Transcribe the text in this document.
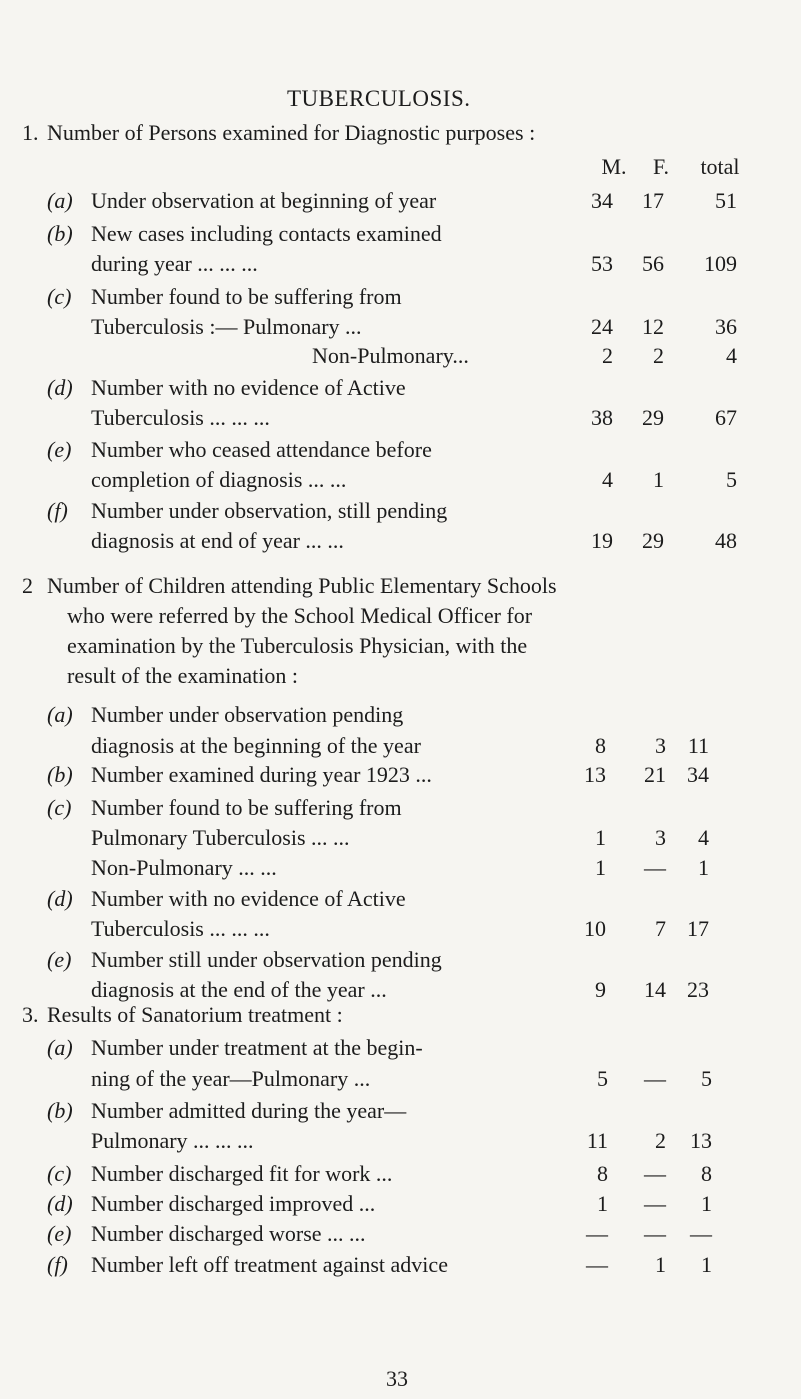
TUBERCULOSIS.
1. Number of Persons examined for Diagnostic purposes :
M. F. total
(a) Under observation at beginning of year	34 17 51
(b) New cases including contacts examined
during year ... ... ...	53 56 109
(c) Number found to be suffering from
Tuberculosis :— Pulmonary ...	24 12 36
Non-Pulmonary...	2 2	4
(d) Number with no evidence of Active
Tuberculosis ... ... ...	38 29 67
(e) Number who ceased attendance before
completion of diagnosis ... ...	4 1	5
(f) Number under observation, still pending
diagnosis at end of year ... ...	19 29 48
2 Number of Children attending Public Elementary Schools
who were referred by the School Medical Officer for
examination by the Tuberculosis Physician, with the
result of the examination :
(a) Number under observation pending
diagnosis at the beginning of the year	8 3 11
(b) Number examined during year 1923 ...	13 21 34
(c) Number found to be suffering from
Pulmonary Tuberculosis ... ...	1 3 4
Non-Pulmonary ... ...	1 — 1
(d) Number with no evidence of Active
Tuberculosis ... ... ...	10 7 17
(e) Number still under observation pending
diagnosis at the end of the year ...	9 14 23
3. Results of Sanatorium treatment :
(a) Number under treatment at the begin-
ning of the year—Pulmonary ...	5 — 5
(b) Number admitted during the year—
Pulmonary ... ... ...	11 2 13
(c) Number discharged fit for work ...	8 — 8
(d) Number discharged improved ...	1 — 1
(e) Number discharged worse ... ...	— — —
(f) Number left off treatment against advice	— 1 1
33
